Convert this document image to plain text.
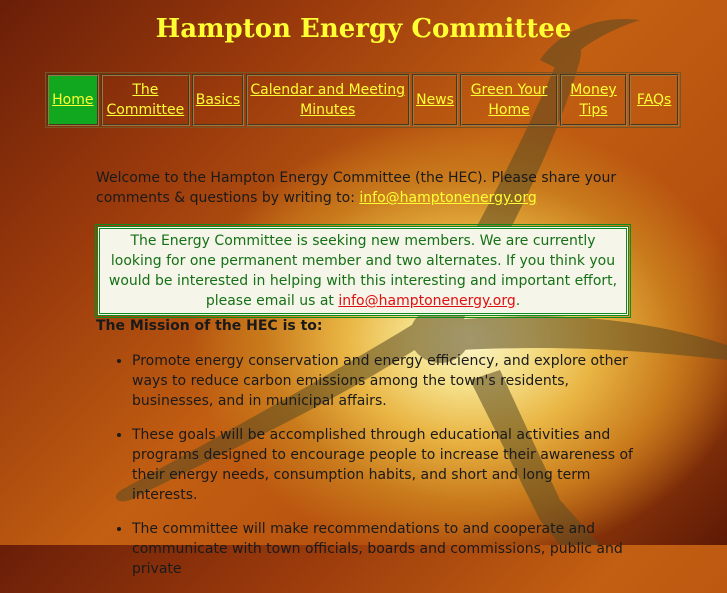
Hampton Energy Committee
Home
The Committee
Basics
Calendar and Meeting Minutes
News
Green Your Home
Money Tips
FAQs

Welcome to the Hampton Energy Committee (the HEC). Please share your comments & questions by writing to: info@hamptonenergy.org

The Energy Committee is seeking new members. We are currently looking for one permanent member and two alternates. If you think you would be interested in helping with this interesting and important effort, please email us at info@hamptonenergy.org.

The Mission of the HEC is to:

• Promote energy conservation and energy efficiency, and explore other ways to reduce carbon emissions among the town's residents, businesses, and in municipal affairs.
• These goals will be accomplished through educational activities and programs designed to encourage people to increase their awareness of their energy needs, consumption habits, and short and long term interests.
• The committee will make recommendations to and cooperate and communicate with town officials, boards and commissions, public and private
